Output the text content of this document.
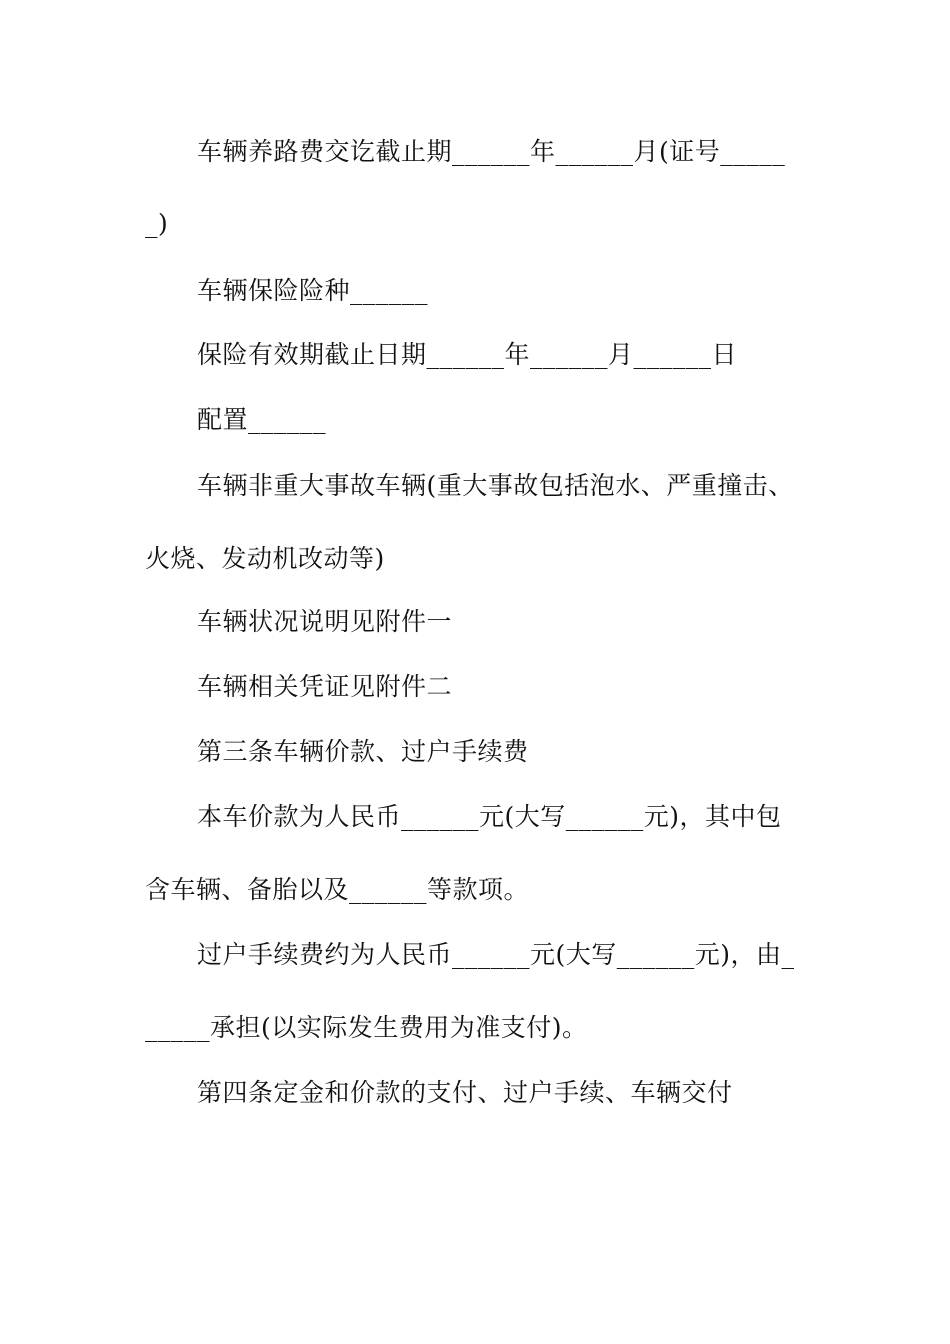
车辆养路费交讫截止期______年______月(证号_____
_)
车辆保险险种______
保险有效期截止日期______年______月______日
配置______
车辆非重大事故车辆(重大事故包括泡水、严重撞击、
火烧、发动机改动等)
车辆状况说明见附件一
车辆相关凭证见附件二
第三条车辆价款、过户手续费
本车价款为人民币______元(大写______元)，其中包
含车辆、备胎以及______等款项。
过户手续费约为人民币______元(大写______元)，由_
_____承担(以实际发生费用为准支付)。
第四条定金和价款的支付、过户手续、车辆交付
